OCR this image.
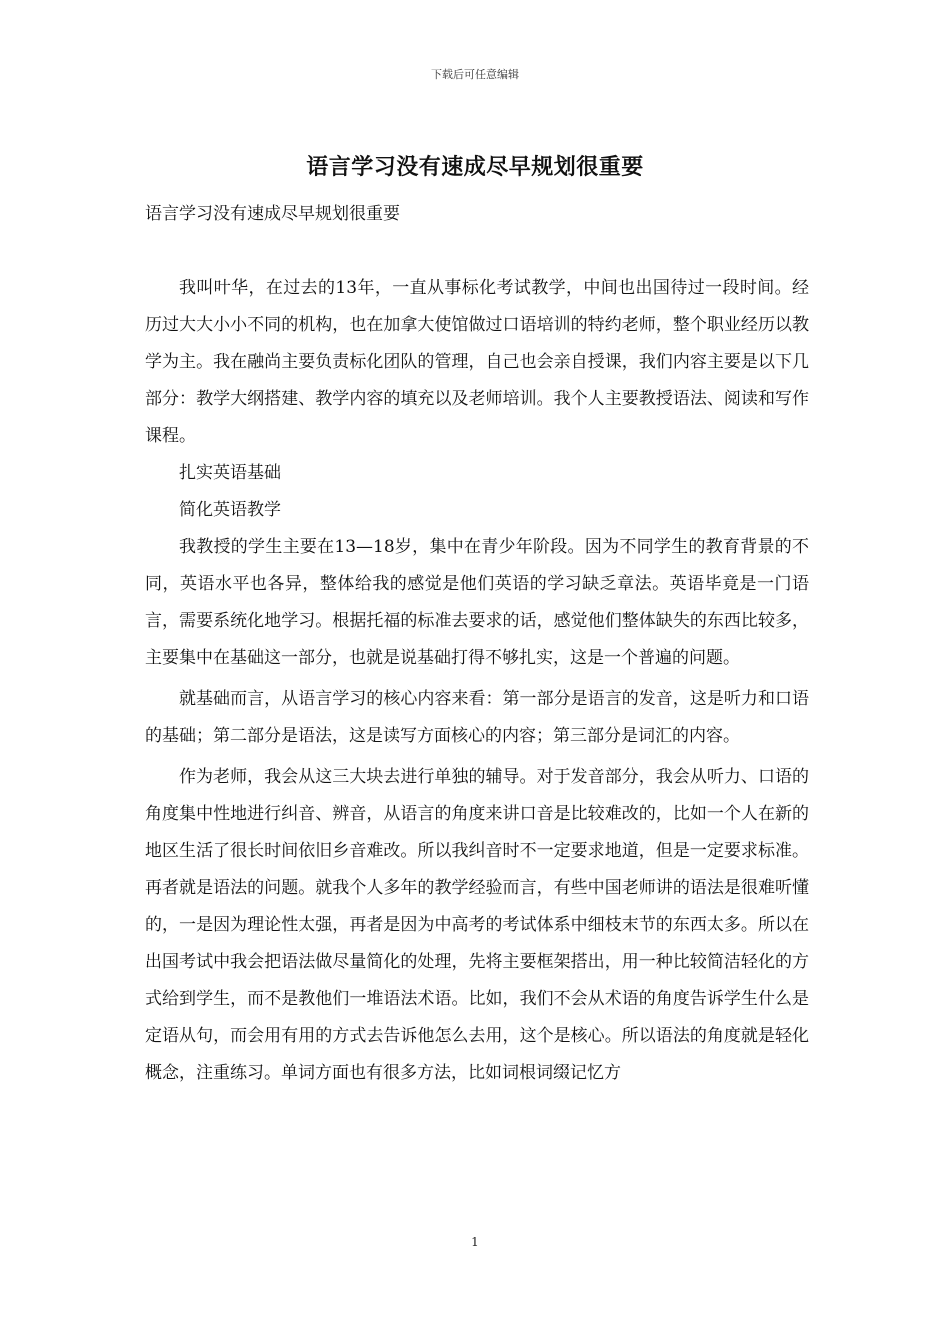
下载后可任意编辑
语言学习没有速成尽早规划很重要

语言学习没有速成尽早规划很重要

我叫叶华，在过去的13年，一直从事标化考试教学，中间也出国待过一段时间。经历过大大小小不同的机构，也在加拿大使馆做过口语培训的特约老师，整个职业经历以教学为主。我在融尚主要负责标化团队的管理，自己也会亲自授课，我们内容主要是以下几部分：教学大纲搭建、教学内容的填充以及老师培训。我个人主要教授语法、阅读和写作课程。

扎实英语基础

简化英语教学

我教授的学生主要在13—18岁，集中在青少年阶段。因为不同学生的教育背景的不同，英语水平也各异，整体给我的感觉是他们英语的学习缺乏章法。英语毕竟是一门语言，需要系统化地学习。根据托福的标准去要求的话，感觉他们整体缺失的东西比较多，主要集中在基础这一部分，也就是说基础打得不够扎实，这是一个普遍的问题。

就基础而言，从语言学习的核心内容来看：第一部分是语言的发音，这是听力和口语的基础；第二部分是语法，这是读写方面核心的内容；第三部分是词汇的内容。

作为老师，我会从这三大块去进行单独的辅导。对于发音部分，我会从听力、口语的角度集中性地进行纠音、辨音，从语言的角度来讲口音是比较难改的，比如一个人在新的地区生活了很长时间依旧乡音难改。所以我纠音时不一定要求地道，但是一定要求标准。再者就是语法的问题。就我个人多年的教学经验而言，有些中国老师讲的语法是很难听懂的，一是因为理论性太强，再者是因为中高考的考试体系中细枝末节的东西太多。所以在出国考试中我会把语法做尽量简化的处理，先将主要框架搭出，用一种比较简洁轻化的方式给到学生，而不是教他们一堆语法术语。比如，我们不会从术语的角度告诉学生什么是定语从句，而会用有用的方式去告诉他怎么去用，这个是核心。所以语法的角度就是轻化概念，注重练习。单词方面也有很多方法，比如词根词缀记忆方

1
